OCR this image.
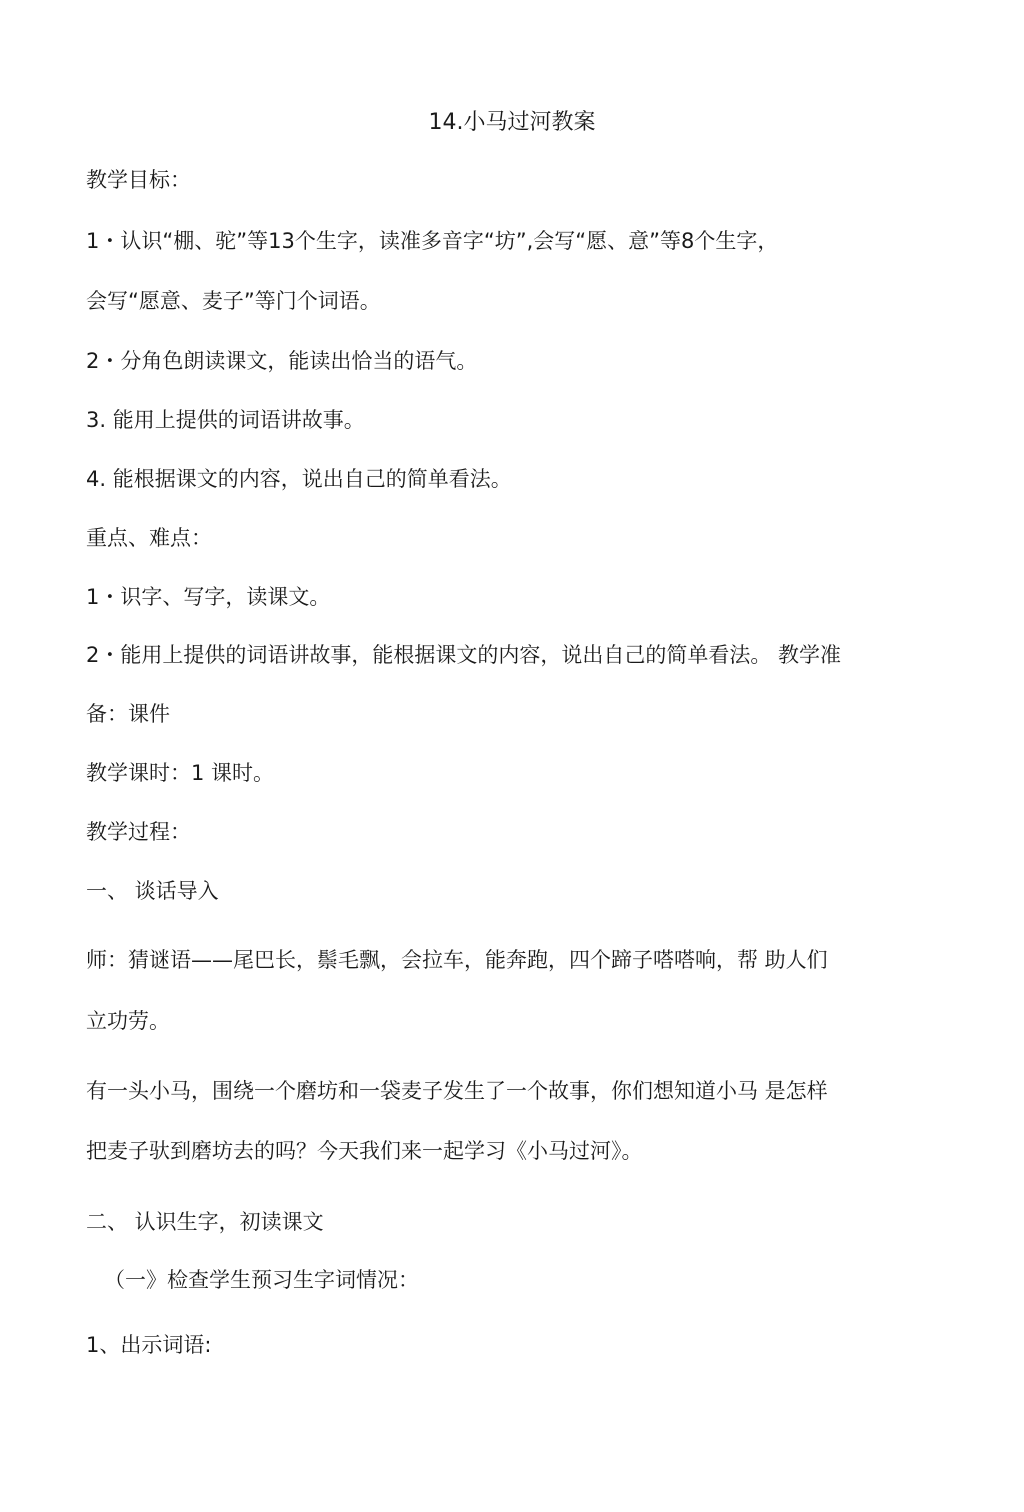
14.小马过河教案
教学目标：
1・认识“棚、驼”等13个生字，读准多音字“坊”,会写“愿、意”等8个生字，
会写“愿意、麦子”等门个词语。
2・分角色朗读课文，能读出恰当的语气。
3. 能用上提供的词语讲故事。
4. 能根据课文的内容，说出自己的简单看法。
重点、难点：
1・识字、写字，读课文。
2・能用上提供的词语讲故事，能根据课文的内容，说出自己的简单看法。 教学准
备：课件
教学课时：1 课时。
教学过程：
一、 谈话导入
师：猜谜语——尾巴长，鬃毛飘，会拉车，能奔跑，四个蹄子嗒嗒响，帮 助人们
立功劳。
有一头小马，围绕一个磨坊和一袋麦子发生了一个故事，你们想知道小马 是怎样
把麦子驮到磨坊去的吗？今天我们来一起学习《小马过河》。
二、 认识生字，初读课文
（一》检查学生预习生字词情况：
1、出示词语:
